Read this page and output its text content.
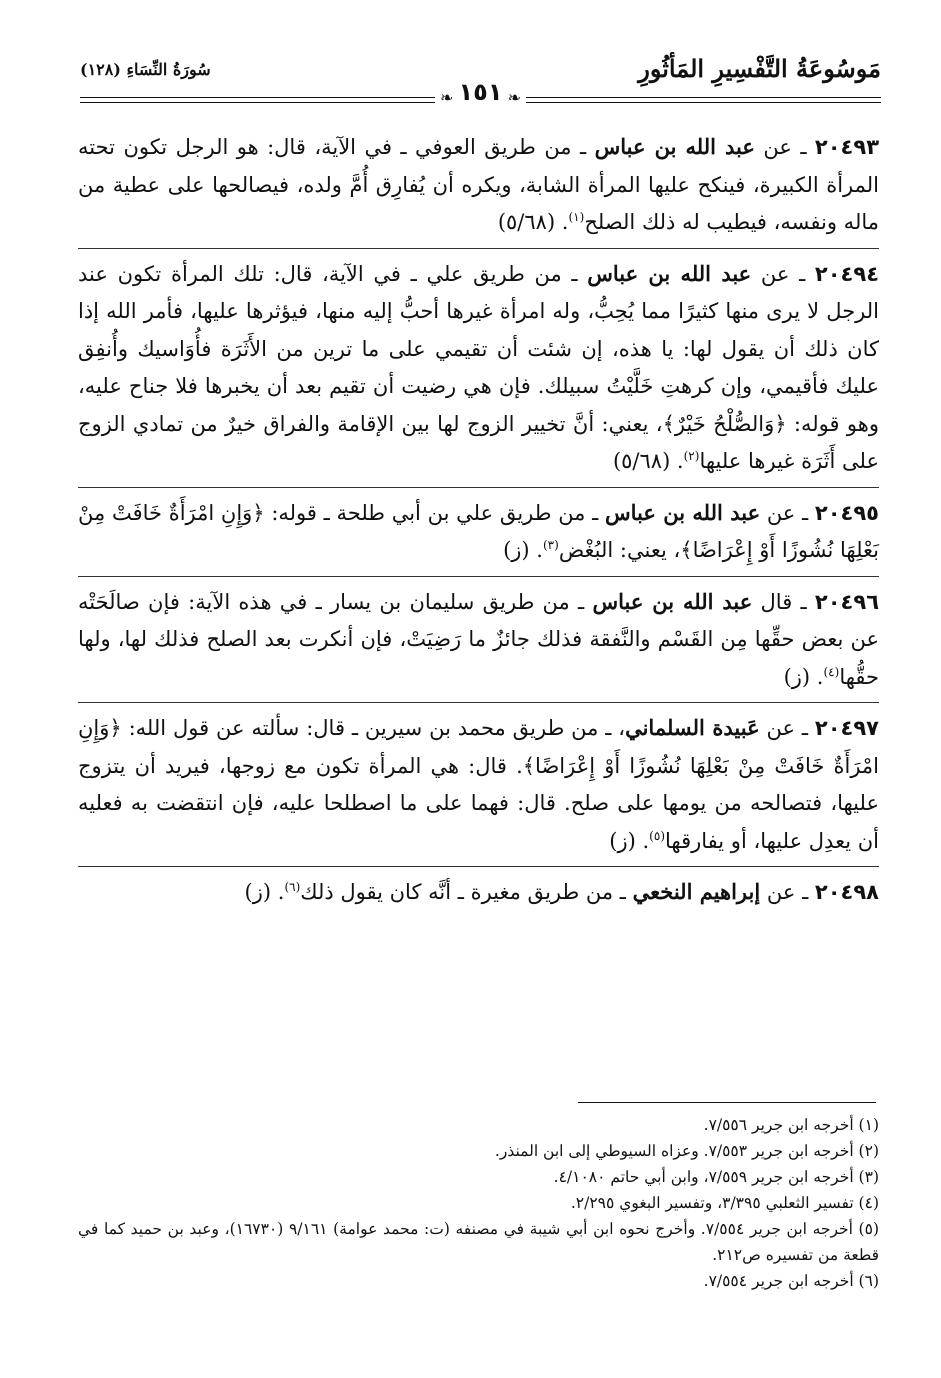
مَوسُوعَةُ التَّفْسِيرِ المَأثُورِ
سُورَةُ النِّسَاءِ (١٢٨)
❧ ١٥١ ❧

٢٠٤٩٣ ـ عن عبد الله بن عباس ـ من طريق العوفي ـ في الآية، قال: هو الرجل تكون تحته المرأة الكبيرة، فينكح عليها المرأة الشابة، ويكره أن يُفارِق أُمَّ ولده، فيصالحها على عطية من ماله ونفسه، فيطيب له ذلك الصلح$^{(١)}$. (٥/٦٨)

٢٠٤٩٤ ـ عن عبد الله بن عباس ـ من طريق علي ـ في الآية، قال: تلك المرأة تكون عند الرجل لا يرى منها كثيرًا مما يُحِبُّ، وله امرأة غيرها أحبُّ إليه منها، فيؤثرها عليها، فأمر الله إذا كان ذلك أن يقول لها: يا هذه، إن شئت أن تقيمي على ما ترين من الأَثَرَة فأُوَاسيك وأُنفِق عليك فأقيمي، وإن كرهتِ خَلَّيْتُ سبيلك. فإن هي رضيت أن تقيم بعد أن يخبرها فلا جناح عليه، وهو قوله: ﴿وَالصُّلْحُ خَيْرٌ﴾، يعني: أنَّ تخيير الزوج لها بين الإقامة والفراق خيرٌ من تمادي الزوج على أَثَرَة غيرها عليها$^{(٢)}$. (٥/٦٨)

٢٠٤٩٥ ـ عن عبد الله بن عباس ـ من طريق علي بن أبي طلحة ـ قوله: ﴿وَإِنِ امْرَأَةٌ خَافَتْ مِنْ بَعْلِهَا نُشُوزًا أَوْ إِعْرَاضًا﴾، يعني: البُغْض$^{(٣)}$. (ز)

٢٠٤٩٦ ـ قال عبد الله بن عباس ـ من طريق سليمان بن يسار ـ في هذه الآية: فإن صالَحَتْه عن بعض حقِّها مِن القَسْم والنَّفقة فذلك جائزٌ ما رَضِيَتْ، فإن أنكرت بعد الصلح فذلك لها، ولها حقُّها$^{(٤)}$. (ز)

٢٠٤٩٧ ـ عن عَبيدة السلماني، ـ من طريق محمد بن سيرين ـ قال: سألته عن قول الله: ﴿وَإِنِ امْرَأَةٌ خَافَتْ مِنْ بَعْلِهَا نُشُوزًا أَوْ إِعْرَاضًا﴾. قال: هي المرأة تكون مع زوجها، فيريد أن يتزوج عليها، فتصالحه من يومها على صلح. قال: فهما على ما اصطلحا عليه، فإن انتقضت به فعليه أن يعدِل عليها، أو يفارقها$^{(٥)}$. (ز)

٢٠٤٩٨ ـ عن إبراهيم النخعي ـ من طريق مغيرة ـ أنَّه كان يقول ذلك$^{(٦)}$. (ز)

(١) أخرجه ابن جرير ٧/٥٥٦.

(٢) أخرجه ابن جرير ٧/٥٥٣. وعزاه السيوطي إلى ابن المنذر.

(٣) أخرجه ابن جرير ٧/٥٥٩، وابن أبي حاتم ٤/١٠٨٠.

(٤) تفسير الثعلبي ٣/٣٩٥، وتفسير البغوي ٢/٢٩٥.

(٥) أخرجه ابن جرير ٧/٥٥٤. وأخرج نحوه ابن أبي شيبة في مصنفه (ت: محمد عوامة) ٩/١٦١ (١٦٧٣٠)، وعبد بن حميد كما في قطعة من تفسيره ص٢١٢.

(٦) أخرجه ابن جرير ٧/٥٥٤.
